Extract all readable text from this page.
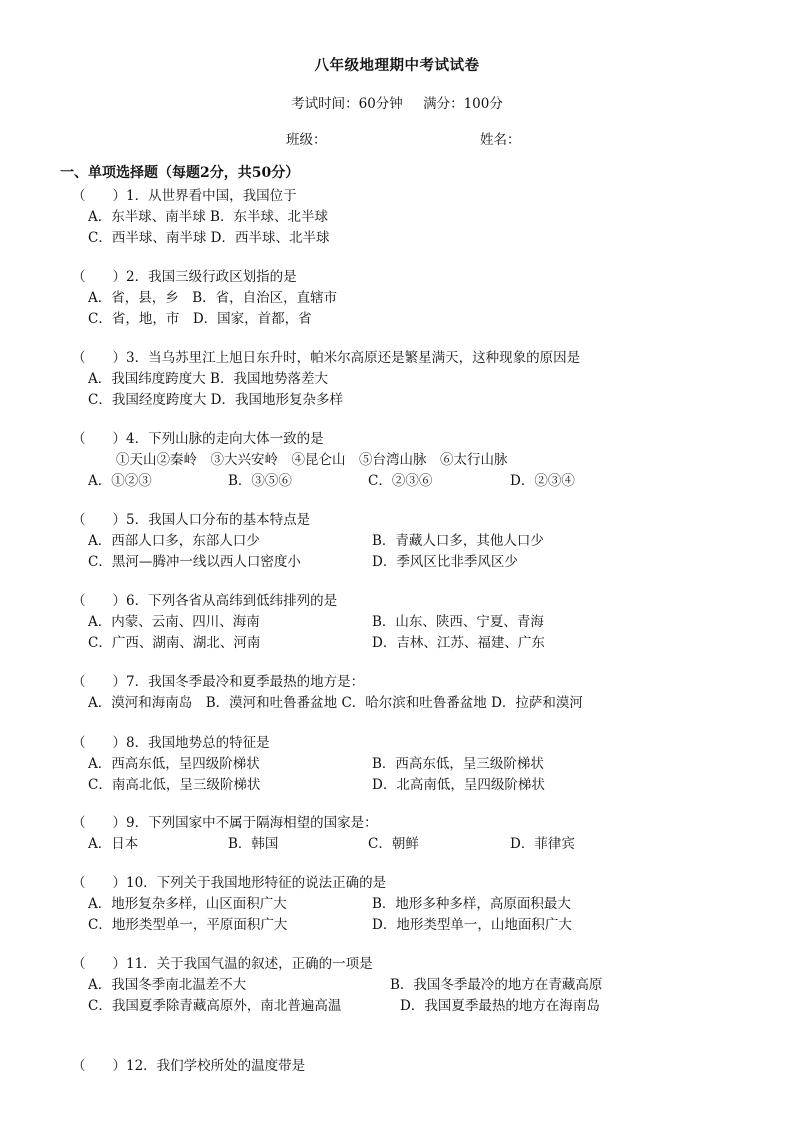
八年级地理期中考试试卷
考试时间：60分钟 满分：100分
班级：	姓名：
一、单项选择题（每题2分，共50分）
（　　）1．从世界看中国，我国位于
A．东半球、南半球 B．东半球、北半球
C．西半球、南半球 D．西半球、北半球
（　　）2．我国三级行政区划指的是
A．省，县，乡　B．省，自治区，直辖市
C．省，地，市　D．国家，首都，省
（　　）3．当乌苏里江上旭日东升时，帕米尔高原还是繁星满天，这种现象的原因是
A．我国纬度跨度大 B．我国地势落差大
C．我国经度跨度大 D．我国地形复杂多样
（　　）4．下列山脉的走向大体一致的是
①天山②秦岭　③大兴安岭　④昆仑山　⑤台湾山脉　⑥太行山脉
A．①②③	B．③⑤⑥	C．②③⑥	D．②③④
（　　）5．我国人口分布的基本特点是
A．西部人口多，东部人口少	B．青藏人口多，其他人口少
C．黑河—腾冲一线以西人口密度小	D．季风区比非季风区少
（　　）6．下列各省从高纬到低纬排列的是
A．内蒙、云南、四川、海南	B．山东、陕西、宁夏、青海
C．广西、湖南、湖北、河南	D．吉林、江苏、福建、广东
（　　）7．我国冬季最冷和夏季最热的地方是：
A．漠河和海南岛　B．漠河和吐鲁番盆地 C．哈尔滨和吐鲁番盆地 D．拉萨和漠河
（　　）8．我国地势总的特征是
A．西高东低，呈四级阶梯状	B．西高东低，呈三级阶梯状
C．南高北低，呈三级阶梯状	D．北高南低，呈四级阶梯状
（　　）9．下列国家中不属于隔海相望的国家是：
A．日本	B．韩国	C．朝鲜	D．菲律宾
（　　）10．下列关于我国地形特征的说法正确的是
A．地形复杂多样，山区面积广大	B．地形多种多样，高原面积最大
C．地形类型单一，平原面积广大	D．地形类型单一，山地面积广大
（　　）11．关于我国气温的叙述，正确的一项是
A．我国冬季南北温差不大	B．我国冬季最冷的地方在青藏高原
C．我国夏季除青藏高原外，南北普遍高温	D．我国夏季最热的地方在海南岛
（　　）12．我们学校所处的温度带是
